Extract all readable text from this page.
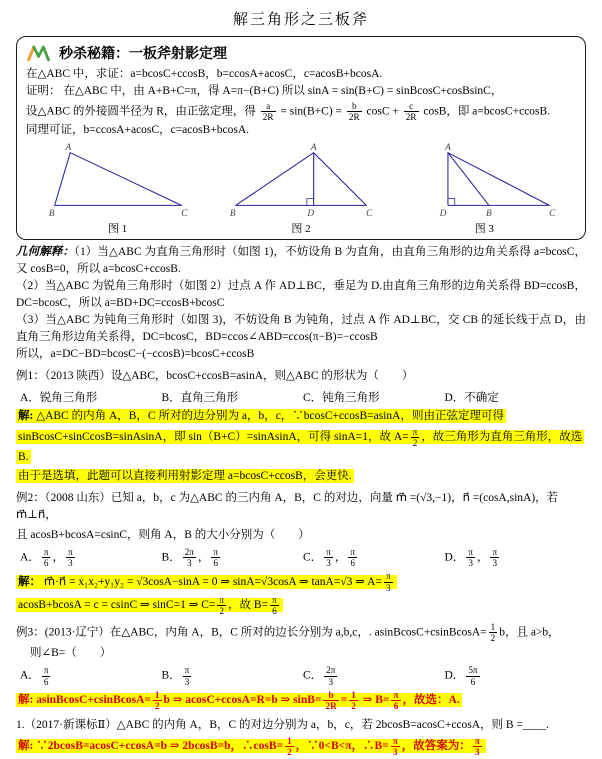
解三角形之三板斧
秒杀秘籍：一板斧射影定理
在△ABC 中，求证：a=bcosC+ccosB，b=ccosA+acosC，c=acosB+bcosA.
证明： 在△ABC 中，由 A+B+C=π，得 A=π−(B+C) 所以 sinA = sin(B+C) = sinBcosC+cosBsinC，
设△ABC 的外接圆半径为 R，由正弦定理，得 $\frac{a}{2R} = \sin(B+C) = \frac{b}{2R}$ $\cos C + \frac{c}{2R}$ cosB，即 a=bcosC+ccosB.
同理可证，b=ccosA+acosC，c=acosB+bcosA.
A
B	C
图 1
A
B	D	C
图 2
A
D	B	C
图 3

几何解释：（1）当△ABC 为直角三角形时（如图 1)，不妨设角 B 为直角，由直角三角形的边角关系得 a=bcosC，又 cosB=0，所以 a=bcosC+ccosB.

（2）当△ABC 为锐角三角形时（如图 2）过点 A 作 AD⊥BC，垂足为 D.由直角三角形的边角关系得 BD=ccosB，DC=bcosC，所以 a=BD+DC=ccosB+bcosC

（3）当△ABC 为钝角三角形时（如图 3)，不妨设角 B 为钝角，过点 A 作 AD⊥BC，交 CB 的延长线于点 D，由直角三角形边角关系得，DC=bcosC，BD=ccos∠ABD=ccos(π−B)=−ccosB

所以，a=DC−BD=bcosC−(−ccosB)=bcosC+ccosB

例1：（2013 陕西）设△ABC，bcosC+ccosB=asinA，则△ABC 的形状为（　　）
A．锐角三角形	B．直角三角形	C．钝角三角形	D．不确定
解: △ABC 的内角 A，B，C 所对的边分别为 a，b，c，∵bcosC+ccosB=asinA，则由正弦定理可得
sinBcosC+sinCcosB=sinAsinA，即 sin（B+C）=sinAsinA，可得 sinA=1，故 $A= \frac{\pi}{2}$ ，故三角形为直角三角形，故选 B.
由于是选填，此题可以直接利用射影定理 a=bcosC+ccosB，会更快.
例2：（2008 山东）已知 a，b，c 为△ABC 的三内角 A，B，C 的对边，向量 m⃗ =(√3,−1)，n⃗ =(cosA,sinA)，若 m⃗⊥n⃗，
且 acosB+bcosA=csinC，则角 A，B 的大小分别为（　　）
A． $\frac{\pi}{6}$ ， $\frac{\pi}{3}$	B． $\frac{2\pi}{3}$ ， $\frac{\pi}{6}$	C． $\frac{\pi}{3}$ ， $\frac{\pi}{6}$	D． $\frac{\pi}{3}$ ， $\frac{\pi}{3}$
解： m⃗·n⃗ = x₁x₂+y₁y₂ = √3cosA−sinA = 0 ⇒ sinA=√3cosA ⇒ tanA=√3 ⇒ $A= \frac{\pi}{3}$
acosB+bcosA = c = csinC ⇒ sinC=1 ⇒ $C= \frac{\pi}{2}$ ，故 $B= \frac{\pi}{6}$
例3：(2013·辽宁）在△ABC，内角 A，B，C 所对的边长分别为 a,b,c，. asinBcosC+csinBcosA= $\frac{1}{2}$ b，且 a>b，
则∠B=（　　）
A． $\frac{\pi}{6}$	B． $\frac{\pi}{3}$	C． $\frac{2\pi}{3}$	D． $\frac{5\pi}{6}$
解: asinBcosC+csinBcosA= $\frac{1}{2}$ b ⇒ acosC+ccosA=R=b ⇒ $\sin B= \frac{b}{2R} = \frac{1}{2}$ ⇒ $B= \frac{\pi}{6}$ ，故选：A.
1.（2017·新课标Ⅱ）△ABC 的内角 A，B，C 的对边分别为 a，b，c，若 2bcosB=acosC+ccosA，则 B =____.
解: ∵2bcosB=acosC+ccosA=b ⇒ 2bcosB=b，∴cosB= $\frac{1}{2}$ ，∵0<B<π，∴B= $\frac{\pi}{3}$ ，故答案为： $\frac{\pi}{3}$
